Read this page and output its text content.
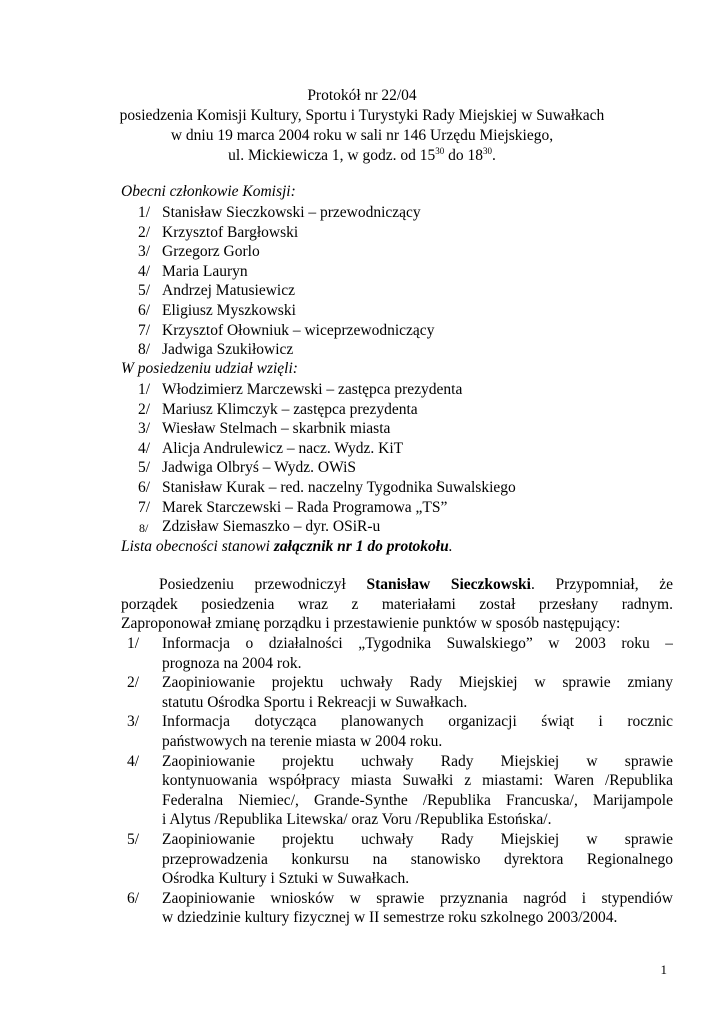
Protokół nr 22/04
posiedzenia Komisji Kultury, Sportu i Turystyki Rady Miejskiej w Suwałkach
w dniu 19 marca 2004 roku w sali nr 146 Urzędu Miejskiego,
ul. Mickiewicza 1, w godz. od $15^{30}$ do $18^{30}$.
Obecni członkowie Komisji:
1/ Stanisław Sieczkowski – przewodniczący
2/ Krzysztof Bargłowski
3/ Grzegorz Gorlo
4/ Maria Lauryn
5/ Andrzej Matusiewicz
6/ Eligiusz Myszkowski
7/ Krzysztof Ołowniuk – wiceprzewodniczący
8/ Jadwiga Szukiłowicz
W posiedzeniu udział wzięli:
1/ Włodzimierz Marczewski – zastępca prezydenta
2/ Mariusz Klimczyk – zastępca prezydenta
3/ Wiesław Stelmach – skarbnik miasta
4/ Alicja Andrulewicz – nacz. Wydz. KiT
5/ Jadwiga Olbryś – Wydz. OWiS
6/ Stanisław Kurak – red. naczelny Tygodnika Suwalskiego
7/ Marek Starczewski – Rada Programowa „TS”
8/ Zdzisław Siemaszko – dyr. OSiR-u
Lista obecności stanowi załącznik nr 1 do protokołu.
Posiedzeniu przewodniczył Stanisław Sieczkowski. Przypomniał, że
porządek posiedzenia wraz z materiałami został przesłany radnym.
Zaproponował zmianę porządku i przestawienie punktów w sposób następujący:
1/ Informacja o działalności „Tygodnika Suwalskiego” w 2003 roku –
prognoza na 2004 rok.
2/ Zaopiniowanie projektu uchwały Rady Miejskiej w sprawie zmiany
statutu Ośrodka Sportu i Rekreacji w Suwałkach.
3/ Informacja dotycząca planowanych organizacji świąt i rocznic
państwowych na terenie miasta w 2004 roku.
4/ Zaopiniowanie projektu uchwały Rady Miejskiej w sprawie
kontynuowania współpracy miasta Suwałki z miastami: Waren /Republika
Federalna Niemiec/, Grande-Synthe /Republika Francuska/, Marijampole
i Alytus /Republika Litewska/ oraz Voru /Republika Estońska/.
5/ Zaopiniowanie projektu uchwały Rady Miejskiej w sprawie
przeprowadzenia konkursu na stanowisko dyrektora Regionalnego
Ośrodka Kultury i Sztuki w Suwałkach.
6/ Zaopiniowanie wniosków w sprawie przyznania nagród i stypendiów
w dziedzinie kultury fizycznej w II semestrze roku szkolnego 2003/2004.
1
